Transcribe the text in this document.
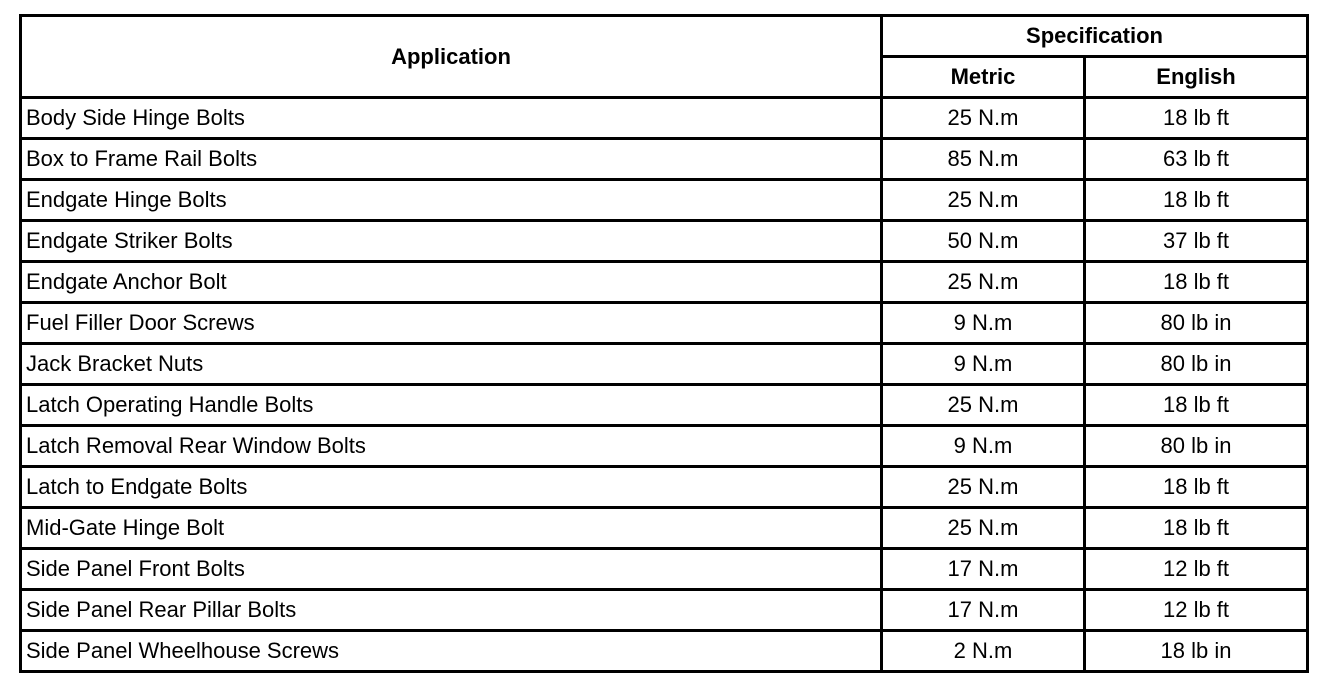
Application	Specification	
	Metric	English
Body Side Hinge Bolts	25 N.m	18 lb ft
Box to Frame Rail Bolts	85 N.m	63 lb ft
Endgate Hinge Bolts	25 N.m	18 lb ft
Endgate Striker Bolts	50 N.m	37 lb ft
Endgate Anchor Bolt	25 N.m	18 lb ft
Fuel Filler Door Screws	9 N.m	80 lb in
Jack Bracket Nuts	9 N.m	80 lb in
Latch Operating Handle Bolts	25 N.m	18 lb ft
Latch Removal Rear Window Bolts	9 N.m	80 lb in
Latch to Endgate Bolts	25 N.m	18 lb ft
Mid-Gate Hinge Bolt	25 N.m	18 lb ft
Side Panel Front Bolts	17 N.m	12 lb ft
Side Panel Rear Pillar Bolts	17 N.m	12 lb ft
Side Panel Wheelhouse Screws	2 N.m	18 lb in
